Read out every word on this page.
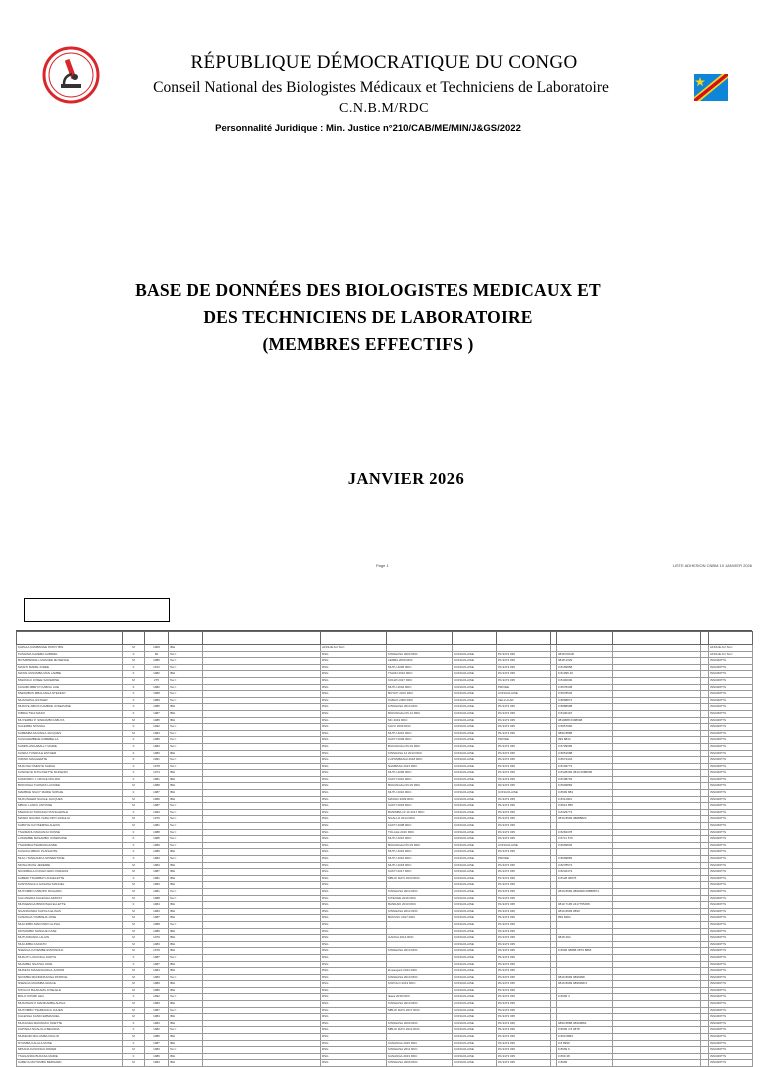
RÉPUBLIQUE DÉMOCRATIQUE DU CONGO
Conseil National des Biologistes Médicaux et Techniciens de Laboratoire
C.N.B.M/RDC
Personnalité Juridique : Min. Justice n°210/CAB/ME/MIN/J&GS/2022
BASE DE DONNÉES DES BIOLOGISTES MEDICAUX ET
DES TECHNICIENS DE LABORATOIRE
(MEMBRES EFFECTIFS )
JANVIER 2026
Page 1	LISTE ADHESION CNBM 10 JANVIER 2026

KAPALA KAMBANGE PATRY BIN	M	1969	IBH		AFFILIE AU SLC								AFFILIE AU SLC
KASHIMA KAZEBA GABRIEL	F	82	Tec I		RSG	KINSHASA 2003 RDC	CONGOLAISE	PA 9473 035		0818 PANZI			AFFILIE AU SLC
BIYAMPENDE LUMANDE MUSENGE	M	1985	Tec I		RSG	LEMBA 2009 RDC	CONGOLAISE	PA 9473 035		0818 4329			INSCRIPTS
MASITI MARIE JUDEE	F	1972	Tec I		RSG	MUTU 2005 RDC	CONGOLAISE	PA 9473 035		0 8199958			INSCRIPTS
MASSI ASSUMBA MAN LAMBE	F	1982	IBH		RSG	TSHIKI 2010 RDC	CONGOLAISE	PA 9473 035		0 81995 46			INSCRIPTS
MWANGU JOSEE SAVIERINE	M	275	Tec I		RSG	KOLWI 2017 RDC	CONGOLAISE	PA 9473 035		0 8400000			INSCRIPTS
KASABI MBEYO KABOLI AUE	F	1982	Tec I		RSG	MUTU 2004 RDC	CONGOLAISE	PRIVEE		0 8978338			INSCRIPTS
MWAMBUS MBALANGA STEFENY	F	1988	Tec I		RSG	BUTAYI 2016 RDC	CONGOLAISE	CONGOLAISE		0 8978545			INSCRIPTS
MUANGPAL ESTHER	F	1989	Tec I		RSG	KABAO 2009 RDC	CONGOLAISE	CELLULAR		0 8898874			INSCRIPTS
MUDIYE ABIOS KAMBUE JOSEPHINE	F	1985	IBH		RSG	KINSHASA 2013 RDC	CONGOLAISE	PA 9473 035		0 8888998			INSCRIPTS
KIBIDA TSHI MASO	F	1987	IBH		RSG	BUKANGALON 12 RDC	CONGOLAISE	PA 9473 035		0 8430415			INSCRIPTS
MUYEMBA P. SINDAMBI KABUYA	M	1985	IBH		RSG	MC 2019 RDC	CONGOLAISE	PA 9473 035		0819888 6398998			INSCRIPTS
KALEMBA NTANGA	F	1992	Tec I		RSG	KAVU 2009 RDC	CONGOLAISE	PA 9473 035		0 8957966			INSCRIPTS
KABEMBA MUANGA JACQUES	M	1984	Tec I		RSG	MUTU 2010 RDC	CONGOLAISE	PA 9473 035		0899 8888			INSCRIPTS
KASCHEMBEJE KABEBELLA	F	1986	Tec I		RSG	KAKTI 2009 RDC	CONGOLAISE	PRIVEE		099 8844			INSCRIPTS
KAMPILANGABALLY MARIE	F	1983	Tec I		RSG	BUKANGALON 09 RDC	CONGOLAISE	PA 9473 035		0 8799995			INSCRIPTS
KANDA TUNDULE ESTHER	F	1983	IBH		RSG	KINSHASA 14 2013 RDC	CONGOLAISE	PA 9473 035		0 8951688			INSCRIPTS
KIDINO MAGGERITE	F	1991	Tec I		RSG	LUPOMBASHI 2018 RDC	CONGOLAISE	PA 9473 035		0 8974444			INSCRIPTS
MUKUNA NSENYE SARAH	F	1978	Tec I		RSG	NAMBASA 2013 RDC	CONGOLAISE	PA 9473 035		0 8199773			INSCRIPTS
KANKIEYE M PUASETTE MUKENDI	F	1974	IBH		RSG	MUTU 2005 RDC	CONGOLAISE	PA 9473 035		0 8428399 0819 6688095			INSCRIPTS
KAMONDO J. NKOLE MULIRO	F	1981	IBH		RSG	KAKTI 2010 RDC	CONGOLAISE	PA 9473 035		0 8198793			INSCRIPTS
BOKONGA THOMAS LUONDE	M	1988	IBH		RSG	BUKANGALON 09 RDC	CONGOLAISE	PA 9473 035		0 8909859			INSCRIPTS
MAMBUE NGOY MARIE SOPHIE	F	1987	IBH		RSG	MUTU 2010 RDC	CONGOLAISE	CONGOLAISE		0 8999 884			INSCRIPTS
MUKUNGERI NGOLE JACQUES	M	1989	IBH		RSG	MASSO 2009 RDC	CONGOLAISE	PA 9473 035		0 8311904			INSCRIPTS
MBOLI LANKU ANTOINE	M	1987	Tec I		RSG	KAKTI 2018 RDC	CONGOLAISE	PA 9473 035		0 8913 856			INSCRIPTS
MWANGUI TAWASHI NTANGAWALE	F	1993	Tec I		RSG	BANIMBA 12 16 2017 RDC	CONGOLAISE	PA 9473 035		0 8429773			INSCRIPTS
MASIKI NGOMA YARA KIPO FASHLIA	M	1976	Tec I		RSG	NGALLO 2014 RDC	CONGOLAISE	PA 9473 035		0819 8999 08888820			INSCRIPTS
KABOYE KAYISEMWA ALEXIS	M	1981	Tec I		RSG	KAKTI 2008 RDC	CONGOLAISE	PA 9473 035					INSCRIPTS
TSHIMANU MAKANJU RUSSE	F	1988	Tec I		RSG	TOLALE 2016 RDC	CONGOLAISE	PA 9473 035		0 8284378			INSCRIPTS
LOMAMBE MASAMBU JOSEPHINE	F	1985	Tec I		RSG	MUTU 2016 RDC	CONGOLAISE	PA 9473 035		0 8711 576			INSCRIPTS
TSHIDIBALTSHIBANGANDE	F	1989	Tec I		RSG	BUKANGALON 09 RDC	CONGOLAISE	CONGOLAISE		0 8999845			INSCRIPTS
KASAKA MBAKI PLAISANTE	F	1986	IBH		RSG	MUTU 2016 RDC	CONGOLAISE	PA 9473 035					INSCRIPTS
MULU TANGANIKA SPINENTONE	F	1983	Tec I		RSG	MUTU 2016 RDC	CONGOLAISE	PRIVEE		0 8999883			INSCRIPTS
MONA MUKE JEREMIE	M	1984	IBH		RSG	MUTU 2018 RDC	CONGOLAISE	PA 9473 035		0 8278574			INSCRIPTS
NKOMBALA KONGO ERIC PARADIS	M	1987	IBH		RSG	KAKTI 2017 RDC	CONGOLAISE	PA 9473 035		0 8202473			INSCRIPTS
KABEDI TSHIMBAYI ANGELETTE	F	1981	IBH		RSG	MBUJI MAYI 2010 RDC	CONGOLAISE	PA 9473 035		0 8128 05075			INSCRIPTS
KANTANGULA GASANA MANUEL	M	1983	IBH		RSG		CONGOLAISE	PA 9473 035					INSCRIPTS
MUTOMBO KABOPO RICHARD	M	1981	Tec I		RSG	KINSHASA 2014 RDC	CONGOLAISE	PA 9473 035		0819 8999 0899999 08888874			INSCRIPTS
KALUNGIDA KALENGA AIMOST	M	1988	Tec I		RSG	KITENGE 2016 RDC	CONGOLAISE	PA 9473 035					INSCRIPTS
MUNGENGA BINDOSHA ELLETTE	F	1984	IBH		RSG	BANDAKI 2010 RDC	CONGOLAISE	PA 9473 035		0819 7195 2417755458			INSCRIPTS
NGANDANDA KAPULA ELISAS	M	1983	IBH		RSG	KINSHASA 2012 RDC	CONGOLAISE	PA 9473 035		0819 8999 0899			INSCRIPTS
KANANGA YIMBISHA JOSE	M	1987	IBH		RSG	BAKUSU 2017 RDC	CONGOLAISE	PA 9473 035		899 8484			INSCRIPTS
MULUMBU MAKONDO ALPHA	M	1988	Tec I		RSG		CONGOLAISE	PA 9473 035					INSCRIPTS
MOSOMBO NANGUE KASE	M	1986	IBH		RSG		CONGOLAISE	PA 9473 035					INSCRIPTS
MUTUNDANGU ALAIN	M	1979	IBH		RSG	ILANGA 2014 RDC	CONGOLAISE	PA 9473 035		0818 494			INSCRIPTS
MULUMBA KADIATO	M	1983	IBH		RSG		CONGOLAISE	PA 9473 035					INSCRIPTS
NSENGA KAYEMBE EVRONOLD	M	1979	IBH		RSG	KINSHASA 2010 RDC	CONGOLAISE	PA 9473 035		0 8999 08888 0879 8884			INSCRIPTS
MUKUTI LUKUNGA JUDITH	F	1987	Tec I		RSG		CONGOLAISE	PA 9473 035					INSCRIPTS
MUAMBA NGATHA LIDIE	F	1987	IBH		RSG		CONGOLAISE	PA 9473 035					INSCRIPTS
MUKETA MASANGANGA JUNIOR	M	1984	IBH		RSG	kinsangani 2014 RDC	CONGOLAISE	PA 9473 035					INSCRIPTS
NKOMBA MUNDINKANGA PATRICE	M	1983	Tec I		RSG	KINSHASA 2010 RDC	CONGOLAISE	PA 9473 035		0819 8999 0899998			INSCRIPTS
NSENGA MUAMBA GRACE	M	1989	IBH		RSG	KOKOLO 2013 RDC	CONGOLAISE	PA 9473 035		0819 8999 0899998 6			INSCRIPTS
MTOLOJ BILAKAMA JOSE ELE	M	1986	IBH		RSG		CONGOLAISE	PA 9473 035					INSCRIPTS
BOLO KIPUBI LEO	F	1992	Tec I		RSG	Ikasa 2018 RDC	CONGOLAISE	PA 9473 035		0 8999 4			INSCRIPTS
MUKONANYI MANIKAMBA ALPHA	M	1983	IBH		RSG	KINSHASA 2010 RDC	CONGOLAISE	PA 9473 035					INSCRIPTS
MUTOMBO TSHIBANGU JULIEN	M	1987	Tec I		RSG	MBUJI MAYI 2017 RDC	CONGOLAISE	PA 9473 035					INSCRIPTS
KALENGA KANKI EMMANUEL	M	1984	IBH		RSG		CONGOLAISE	PA 9473 035					INSCRIPTS
MUKANDA MAKWAKU ODETTE	F	1983	IBH		RSG	KINSHASA 2009 RDC	CONGOLAISE	PA 9473 035		0899 8888 08999884			INSCRIPTS
KAPINGA NGALULA BELINDA	F	1982	Tec I		RSG	MBUJI MAYI 2012 RDC	CONGOLAISE	PA 9473 035		0 8999 4 8 0878			INSCRIPTS
MUKENDI MULUMBA PAULIN	M	1985	IBH		RSG		CONGOLAISE	PA 9473 035		0 899 8884			INSCRIPTS
NTUMBA KALALA ROSE	F	1987	IBH		RSG	KANANGA 2015 RDC	CONGOLAISE	PA 9473 035		0 8 8999			INSCRIPTS
MPIANA KASONGO DIDIER	M	1983	Tec I		RSG	KINSHASA 2011 RDC	CONGOLAISE	PA 9473 035		0 8999 9			INSCRIPTS
TSHILANDA BUKASA MARIE	F	1986	IBH		RSG	KANANGA 2013 RDC	CONGOLAISE	PA 9473 035		0 899 48			INSCRIPTS
KABEYA MUTOMBO BERNARD	M	1984	IBH		RSG	KINSHASA 2009 RDC	CONGOLAISE	PA 9473 035		0 8999			INSCRIPTS
